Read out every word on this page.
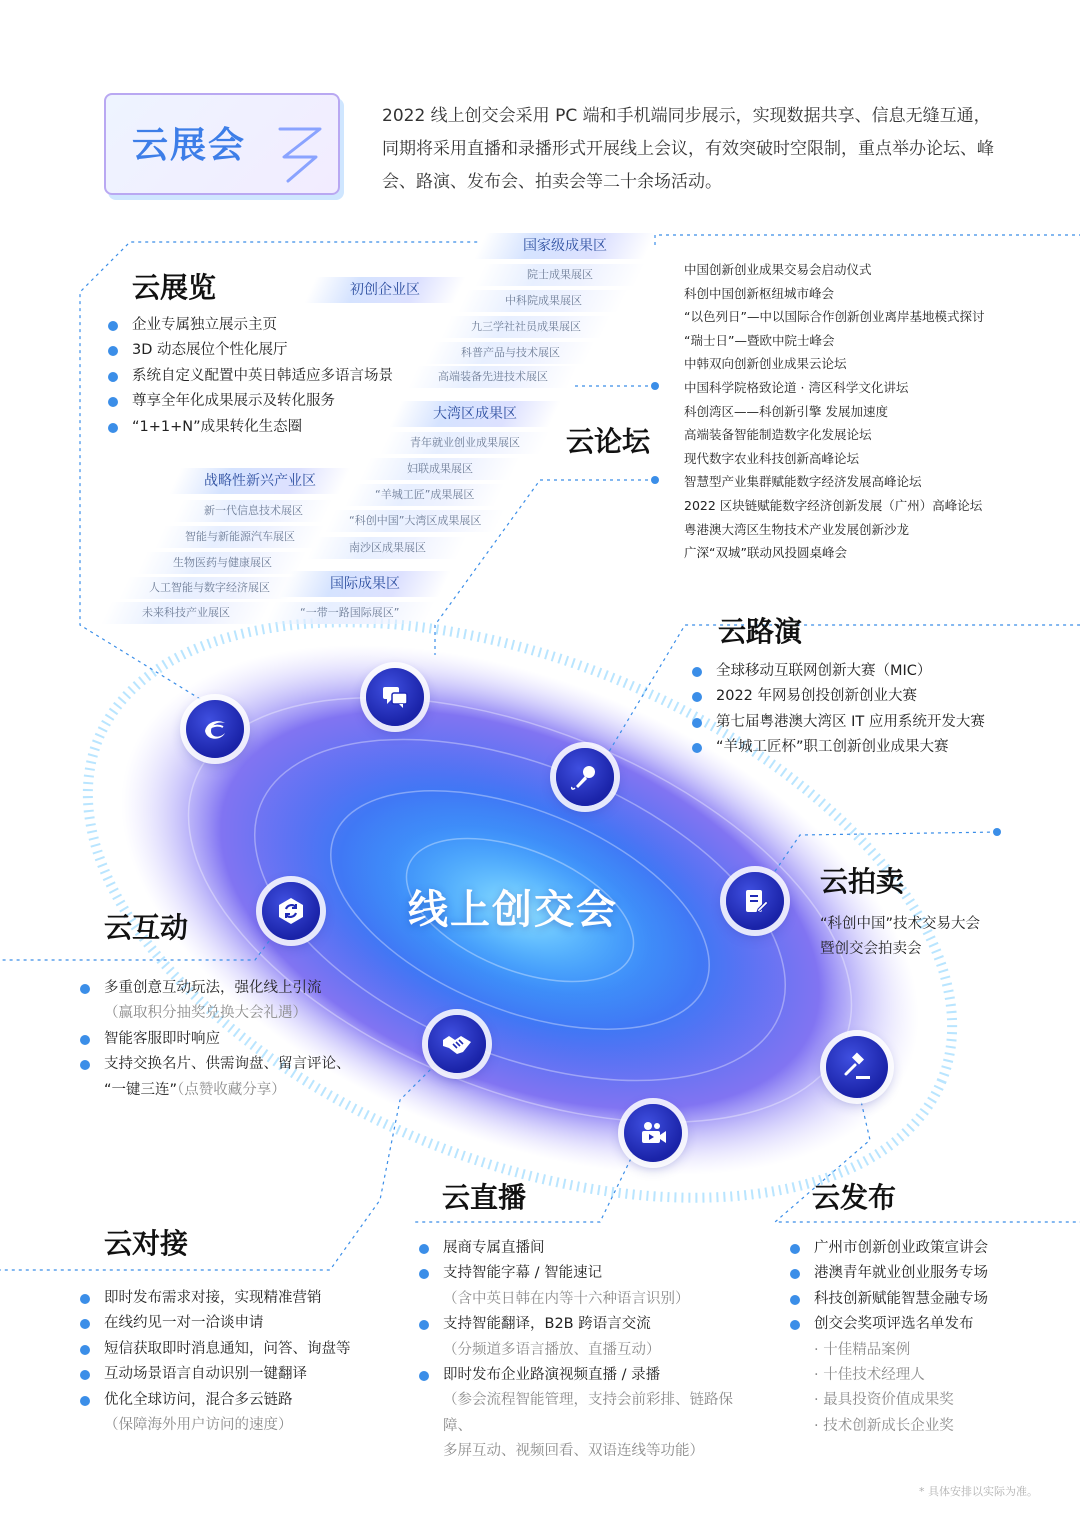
云展会
2022 线上创交会采用 PC 端和手机端同步展示，实现数据共享、信息无缝互通，同期将采用直播和录播形式开展线上会议，有效突破时空限制，重点举办论坛、峰会、路演、发布会、拍卖会等二十余场活动。
云展览
企业专属独立展示主页
3D 动态展位个性化展厅
系统自定义配置中英日韩适应多语言场景
尊享全年化成果展示及转化服务
“1+1+N”成果转化生态圈
国家级成果区
院士成果展区
初创企业区
中科院成果展区
九三学社社员成果展区
科普产品与技术展区
高端装备先进技术展区
大湾区成果区
青年就业创业成果展区
妇联成果展区
战略性新兴产业区
“羊城工匠”成果展区
新一代信息技术展区
“科创中国”大湾区成果展区
智能与新能源汽车展区
南沙区成果展区
生物医药与健康展区
国际成果区
人工智能与数字经济展区
“一带一路国际展区”
未来科技产业展区
云论坛
中国创新创业成果交易会启动仪式
科创中国创新枢纽城市峰会
“以色列日”—中以国际合作创新创业离岸基地模式探讨
“瑞士日”—暨欧中院士峰会
中韩双向创新创业成果云论坛
中国科学院格致论道 · 湾区科学文化讲坛
科创湾区——科创新引擎 发展加速度
高端装备智能制造数字化发展论坛
现代数字农业科技创新高峰论坛
智慧型产业集群赋能数字经济发展高峰论坛
2022 区块链赋能数字经济创新发展（广州）高峰论坛
粤港澳大湾区生物技术产业发展创新沙龙
广深“双城”联动风投圆桌峰会
云路演
全球移动互联网创新大赛（MIC）
2022 年网易创投创新创业大赛
第七届粤港澳大湾区 IT 应用系统开发大赛
“羊城工匠杯”职工创新创业成果大赛
云拍卖
“科创中国”技术交易大会
暨创交会拍卖会
线上创交会
云互动
多重创意互动玩法，强化线上引流
（赢取积分抽奖兑换大会礼遇）
智能客服即时响应
支持交换名片、供需询盘、留言评论、
“一键三连”（点赞收藏分享）
云对接
即时发布需求对接，实现精准营销
在线约见一对一洽谈申请
短信获取即时消息通知，问答、询盘等
互动场景语言自动识别一键翻译
优化全球访问，混合多云链路
（保障海外用户访问的速度）
云直播
展商专属直播间
支持智能字幕 / 智能速记
（含中英日韩在内等十六种语言识别）
支持智能翻译，B2B 跨语言交流
（分频道多语言播放、直播互动）
即时发布企业路演视频直播 / 录播
（参会流程智能管理，支持会前彩排、链路保障、
多屏互动、视频回看、双语连线等功能）
云发布
广州市创新创业政策宣讲会
港澳青年就业创业服务专场
科技创新赋能智慧金融专场
创交会奖项评选名单发布
· 十佳精品案例
· 十佳技术经理人
· 最具投资价值成果奖
· 技术创新成长企业奖
* 具体安排以实际为准。
